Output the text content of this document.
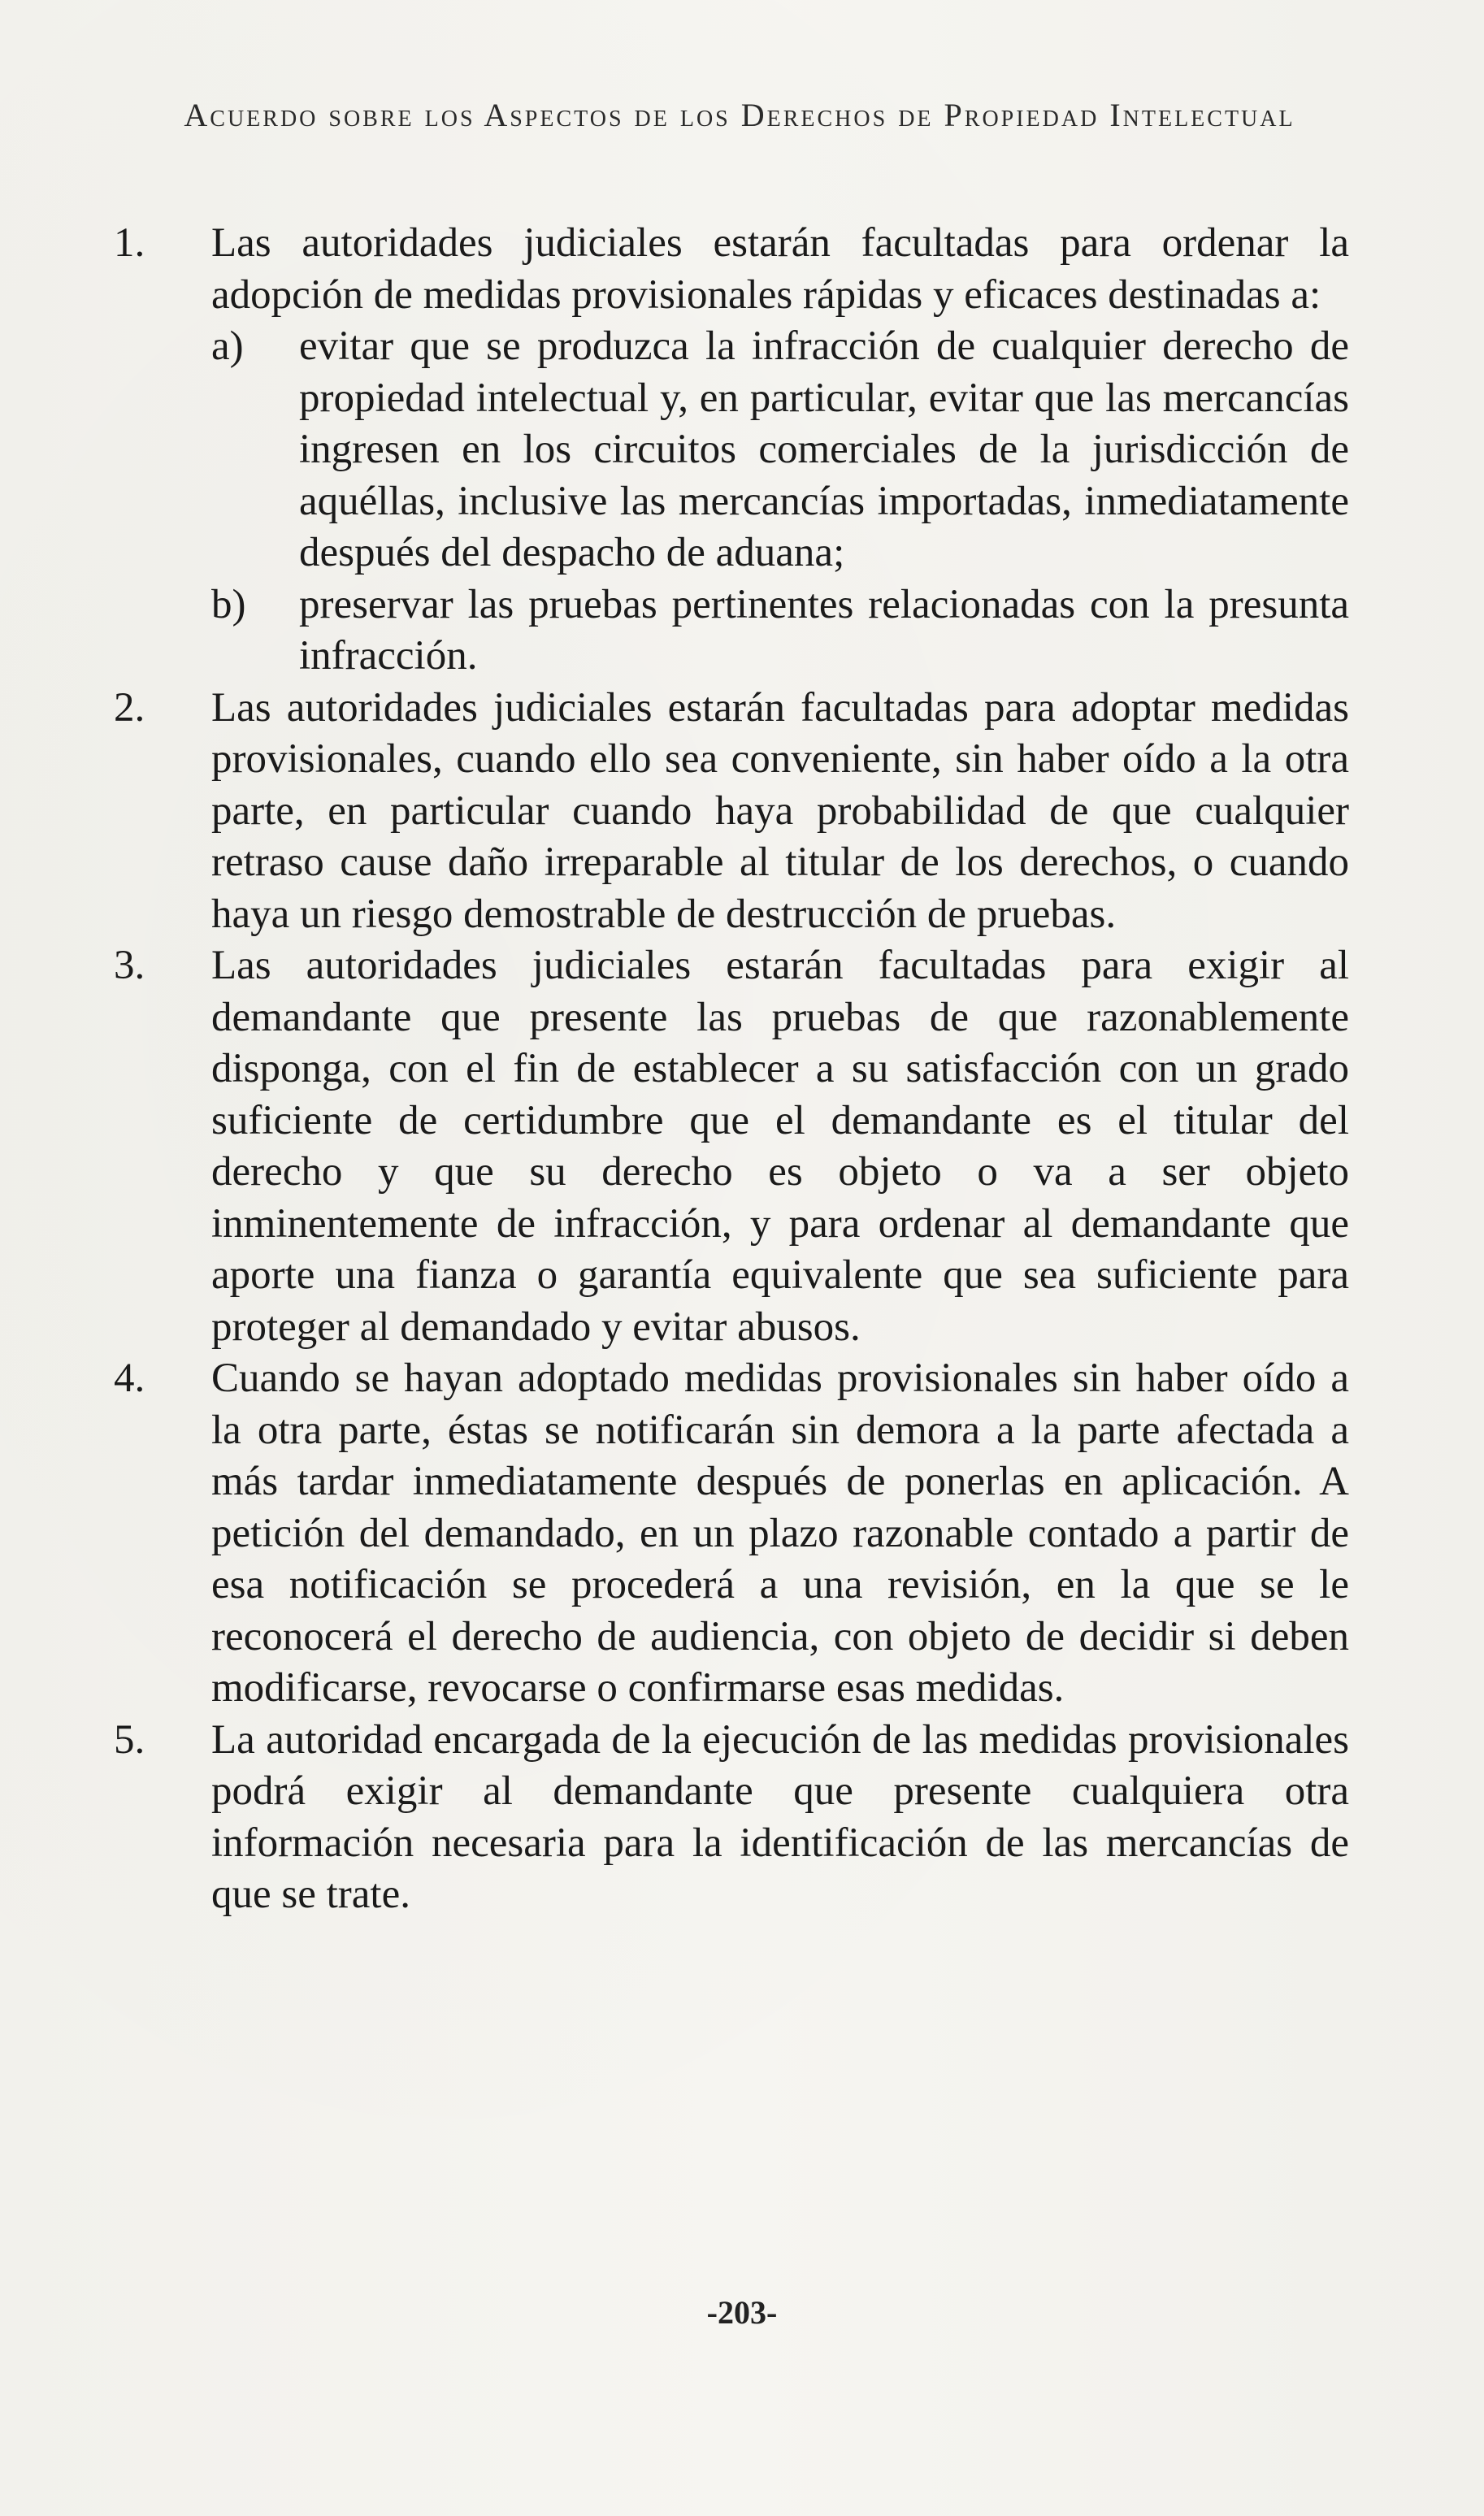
Acuerdo sobre los Aspectos de los Derechos de Propiedad Intelectual
1.	Las autoridades judiciales estarán facultadas para ordenar la adopción de medidas provisionales rápidas y eficaces destinadas a:
a)	evitar que se produzca la infracción de cualquier derecho de propiedad intelectual y, en particular, evitar que las mercancías ingresen en los circuitos comerciales de la jurisdicción de aquéllas, inclusive las mercancías importadas, inmediatamente después del despacho de aduana;
b)	preservar las pruebas pertinentes relacionadas con la presunta infracción.
2.	Las autoridades judiciales estarán facultadas para adoptar medidas provisionales, cuando ello sea conveniente, sin haber oído a la otra parte, en particular cuando haya probabilidad de que cualquier retraso cause daño irreparable al titular de los derechos, o cuando haya un riesgo demostrable de destrucción de pruebas.
3.	Las autoridades judiciales estarán facultadas para exigir al demandante que presente las pruebas de que razonablemente disponga, con el fin de establecer a su satisfacción con un grado suficiente de certidumbre que el demandante es el titular del derecho y que su derecho es objeto o va a ser objeto inminentemente de infracción, y para ordenar al demandante que aporte una fianza o garantía equivalente que sea suficiente para proteger al demandado y evitar abusos.
4.	Cuando se hayan adoptado medidas provisionales sin haber oído a la otra parte, éstas se notificarán sin demora a la parte afectada a más tardar inmediatamente después de ponerlas en aplicación. A petición del demandado, en un plazo razonable contado a partir de esa notificación se procederá a una revisión, en la que se le reconocerá el derecho de audiencia, con objeto de decidir si deben modificarse, revocarse o confirmarse esas medidas.
5.	La autoridad encargada de la ejecución de las medidas provisionales podrá exigir al demandante que presente cualquiera otra información necesaria para la identificación de las mercancías de que se trate.
-203-
